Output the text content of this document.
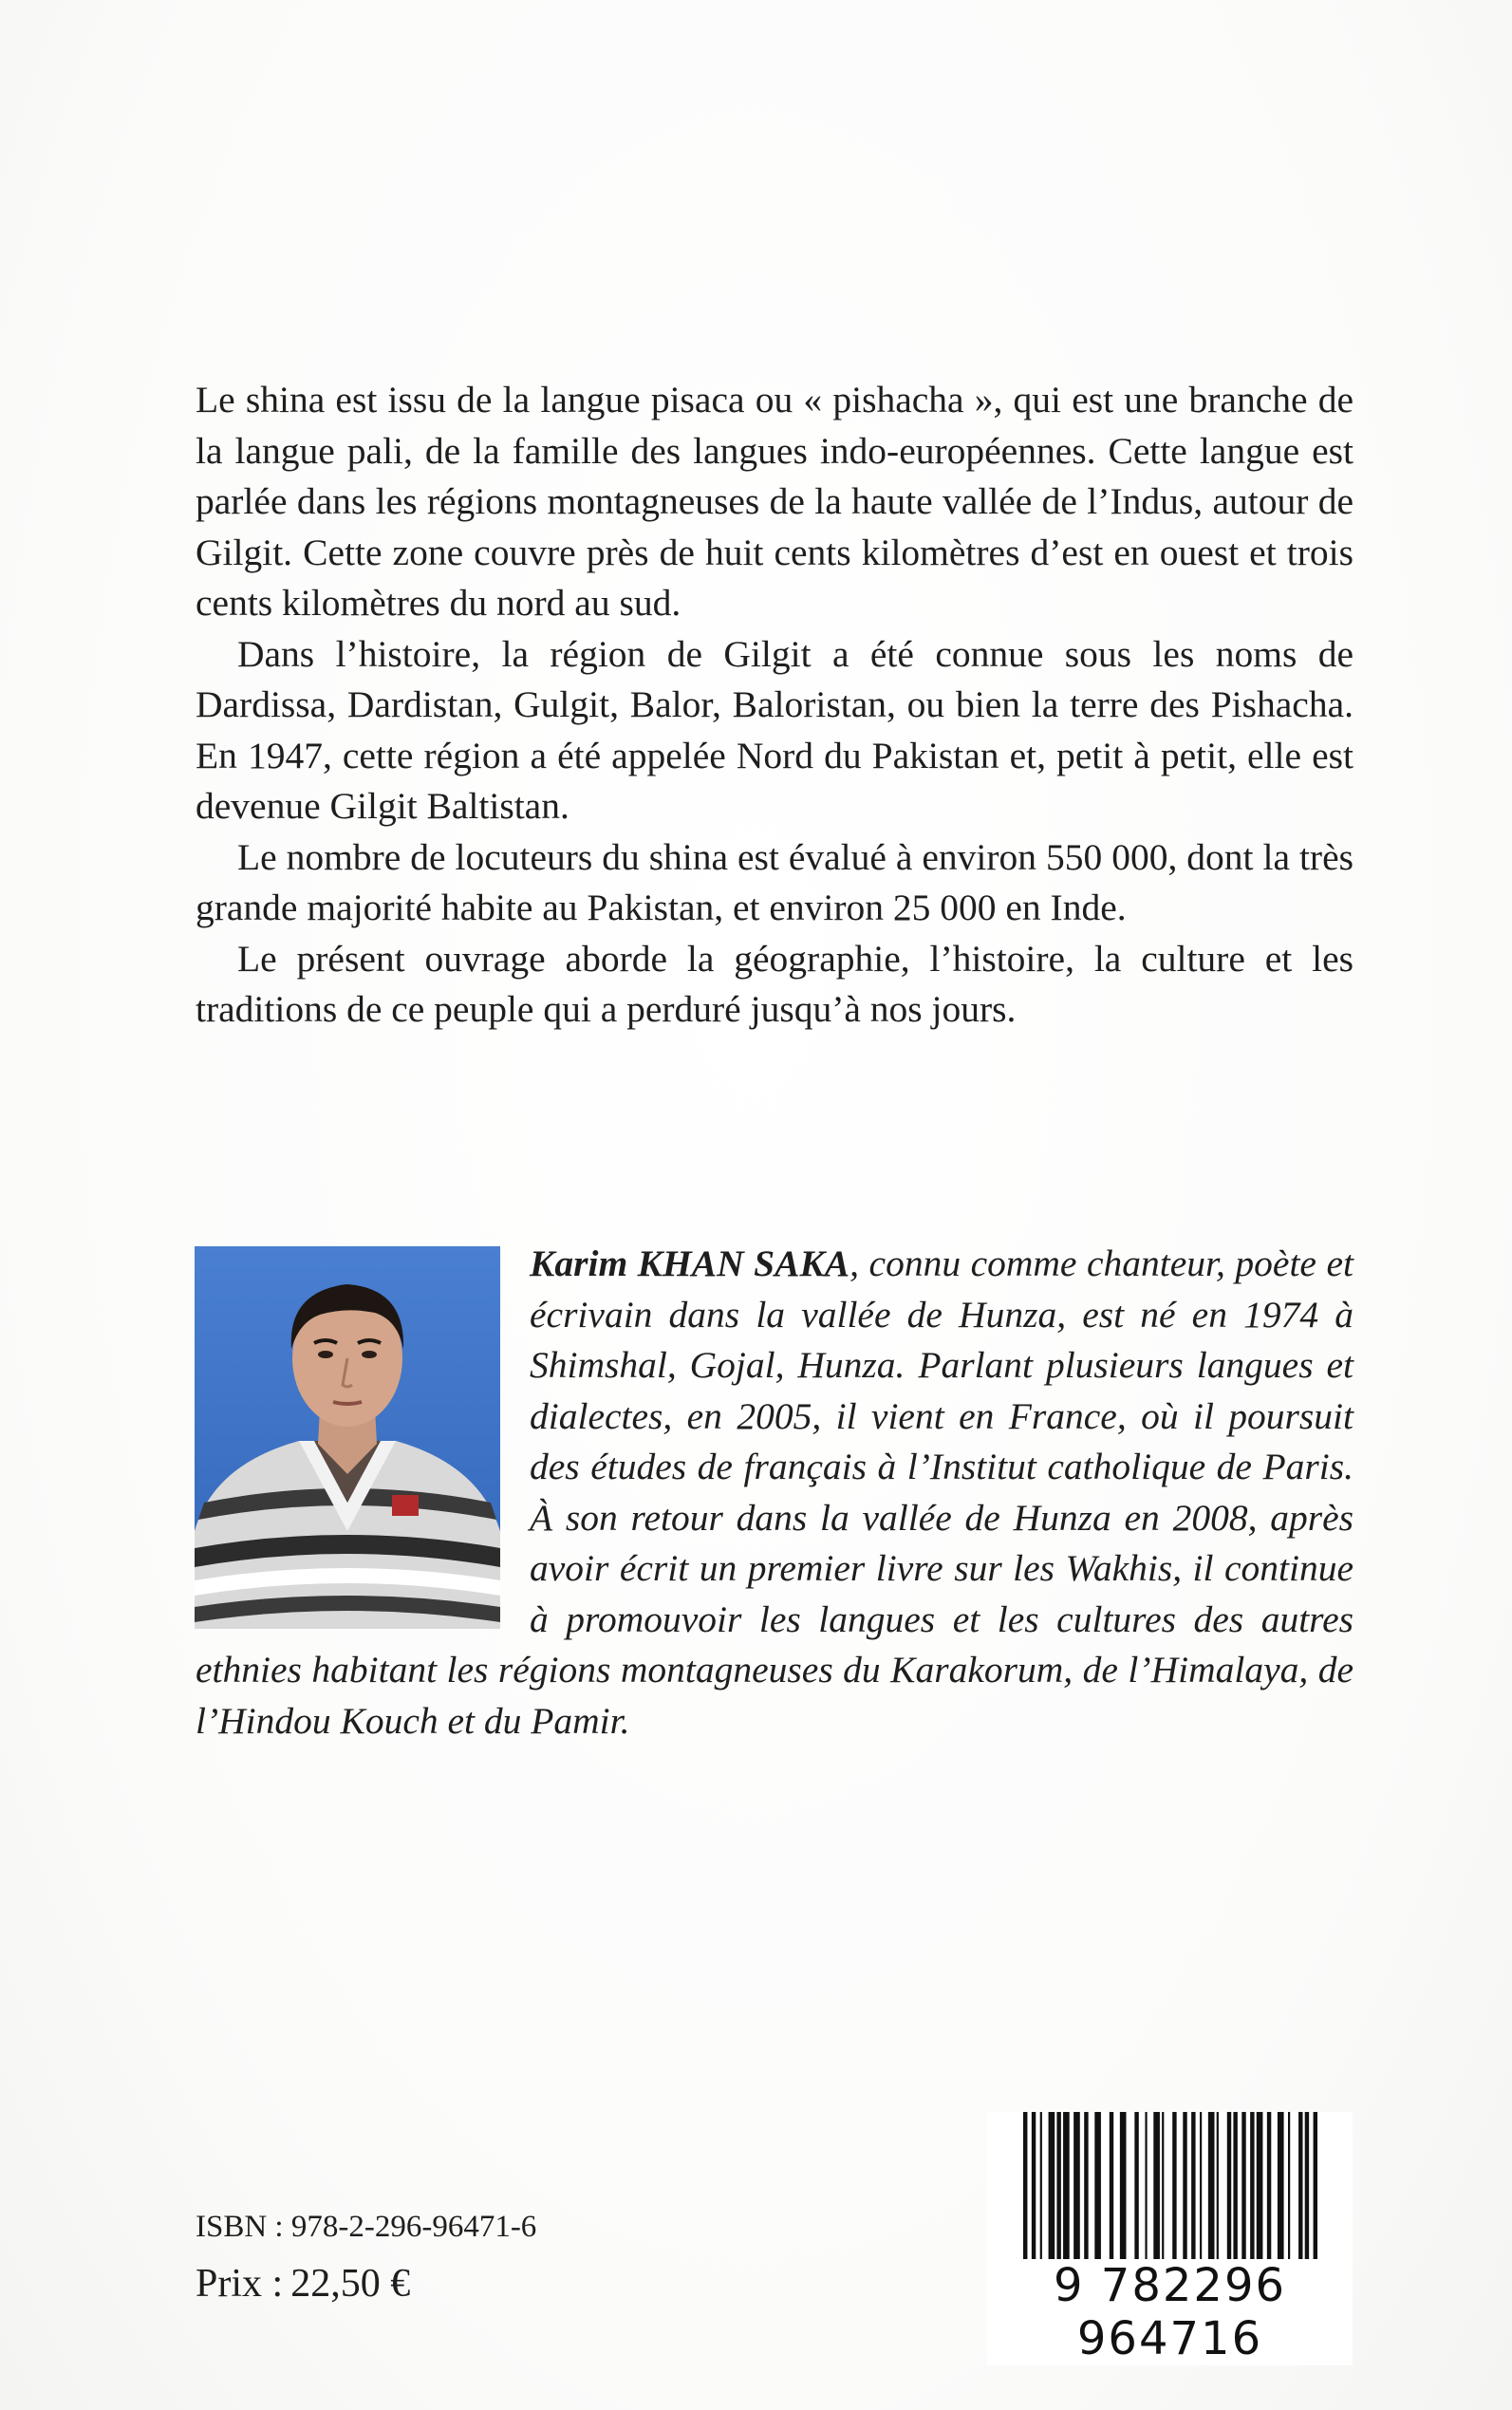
Le shina est issu de la langue pisaca ou « pishacha », qui est une branche de la langue pali, de la famille des langues indo-européennes. Cette langue est parlée dans les régions montagneuses de la haute vallée de l’Indus, autour de Gilgit. Cette zone couvre près de huit cents kilomètres d’est en ouest et trois cents kilomètres du nord au sud.

Dans l’histoire, la région de Gilgit a été connue sous les noms de Dardissa, Dardistan, Gulgit, Balor, Baloristan, ou bien la terre des Pishacha. En 1947, cette région a été appelée Nord du Pakistan et, petit à petit, elle est devenue Gilgit Baltistan.

Le nombre de locuteurs du shina est évalué à environ 550 000, dont la très grande majorité habite au Pakistan, et environ 25 000 en Inde.

Le présent ouvrage aborde la géographie, l’histoire, la culture et les traditions de ce peuple qui a perduré jusqu’à nos jours.

Karim KHAN SAKA, connu comme chanteur, poète et écrivain dans la vallée de Hunza, est né en 1974 à Shimshal, Gojal, Hunza. Parlant plusieurs langues et dialectes, en 2005, il vient en France, où il poursuit des études de français à l’Institut catholique de Paris. À son retour dans la vallée de Hunza en 2008, après avoir écrit un premier livre sur les Wakhis, il continue à promouvoir les langues et les cultures des autres ethnies habitant les régions montagneuses du Karakorum, de l’Himalaya, de l’Hindou Kouch et du Pamir.

ISBN : 978-2-296-96471-6

Prix : 22,50 €	9 782296 964716
